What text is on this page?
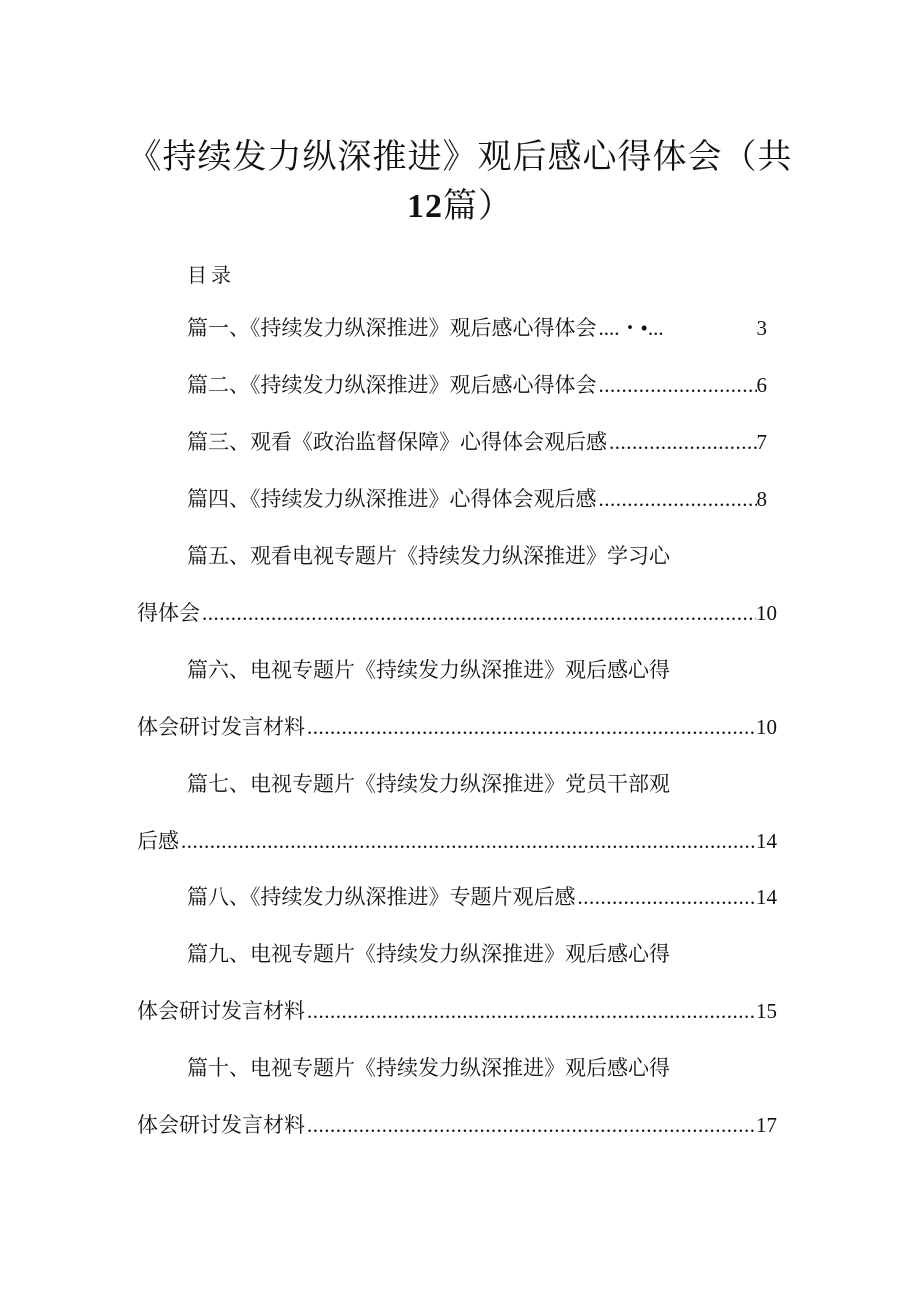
《持续发力纵深推进》观后感心得体会（共
12篇）
目录
篇一、《持续发力纵深推进》观后感心得体会 ....・•...	3
篇二、《持续发力纵深推进》观后感心得体会 .....	6
篇三、观看《政治监督保障》心得体会观后感 .....	7
篇四、《持续发力纵深推进》心得体会观后感 .....	8
篇五、观看电视专题片《持续发力纵深推进》学习心
得体会 .....	10
篇六、电视专题片《持续发力纵深推进》观后感心得
体会研讨发言材料 .....	10
篇七、电视专题片《持续发力纵深推进》党员干部观
后感 .....	14
篇八、《持续发力纵深推进》专题片观后感 .....	14
篇九、电视专题片《持续发力纵深推进》观后感心得
体会研讨发言材料 .....	15
篇十、电视专题片《持续发力纵深推进》观后感心得
体会研讨发言材料 .....	17
